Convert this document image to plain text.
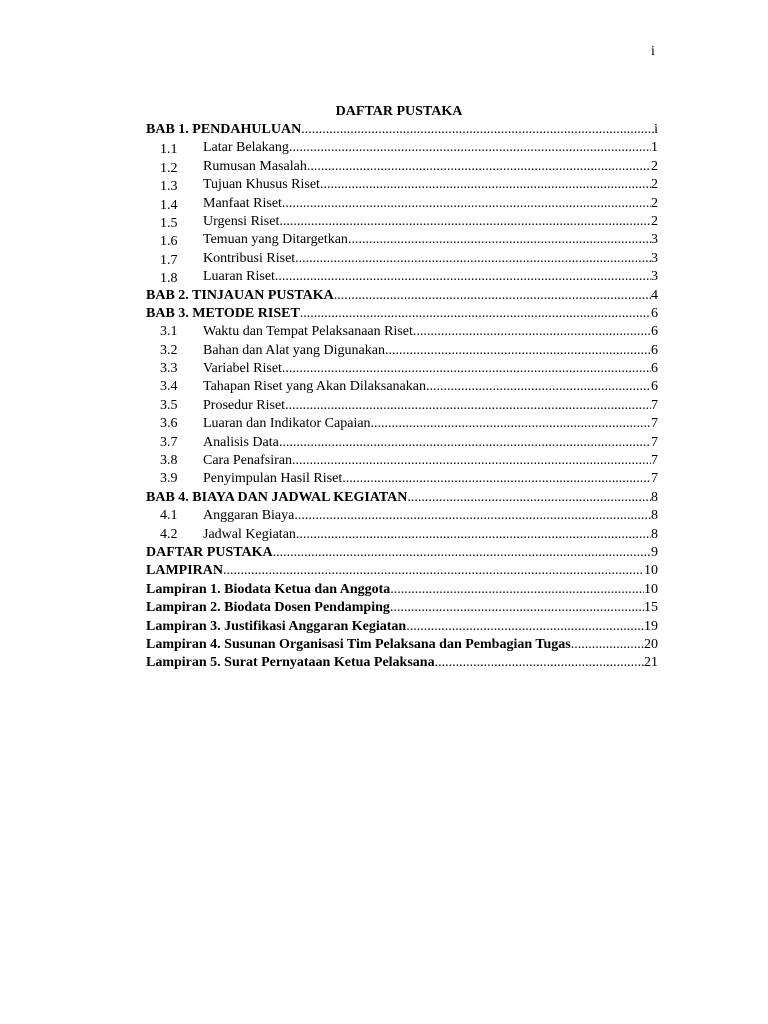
i
DAFTAR PUSTAKA
BAB 1. PENDAHULUAN .....	i
1.1	Latar Belakang .....	1
1.2	Rumusan Masalah .....	2
1.3	Tujuan Khusus Riset .....	2
1.4	Manfaat Riset .....	2
1.5	Urgensi Riset .....	2
1.6	Temuan yang Ditargetkan .....	3
1.7	Kontribusi Riset .....	3
1.8	Luaran Riset .....	3
BAB 2. TINJAUAN PUSTAKA .....	4
BAB 3. METODE RISET .....	6
3.1	Waktu dan Tempat Pelaksanaan Riset .....	6
3.2	Bahan dan Alat yang Digunakan .....	6
3.3	Variabel Riset .....	6
3.4	Tahapan Riset yang Akan Dilaksanakan .....	6
3.5	Prosedur Riset .....	7
3.6	Luaran dan Indikator Capaian .....	7
3.7	Analisis Data .....	7
3.8	Cara Penafsiran .....	7
3.9	Penyimpulan Hasil Riset .....	7
BAB 4. BIAYA DAN JADWAL KEGIATAN .....	8
4.1	Anggaran Biaya .....	8
4.2	Jadwal Kegiatan .....	8
DAFTAR PUSTAKA .....	9
LAMPIRAN .....	10
Lampiran 1. Biodata Ketua dan Anggota .....	10
Lampiran 2. Biodata Dosen Pendamping .....	15
Lampiran 3. Justifikasi Anggaran Kegiatan .....	19
Lampiran 4. Susunan Organisasi Tim Pelaksana dan Pembagian Tugas .....	20
Lampiran 5. Surat Pernyataan Ketua Pelaksana .....	21
